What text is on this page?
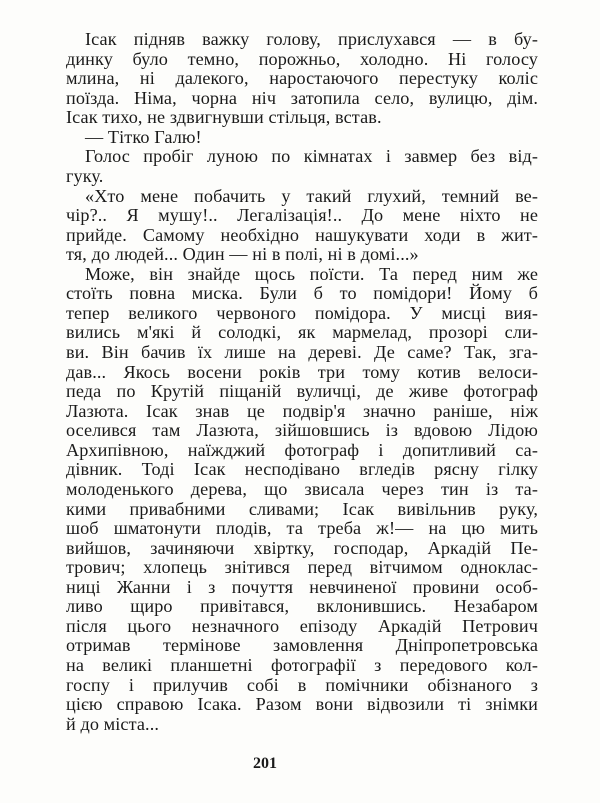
Ісак підняв важку голову, прислухався — в бу-
динку було темно, порожньо, холодно. Ні голосу
млина, ні далекого, наростаючого перестуку коліс
поїзда. Німа, чорна ніч затопила село, вулицю, дім.
Ісак тихо, не здвигнувши стільця, встав.
— Тітко Галю!
Голос пробіг луною по кімнатах і завмер без від-
гуку.
«Хто мене побачить у такий глухий, темний ве-
чір?.. Я мушу!.. Легалізація!.. До мене ніхто не
прийде. Самому необхідно нашукувати ходи в жит-
тя, до людей... Один — ні в полі, ні в домі...»
Може, він знайде щось поїсти. Та перед ним же
стоїть повна миска. Були б то помідори! Йому б
тепер великого червоного помідора. У мисці вия-
вились м'які й солодкі, як мармелад, прозорі сли-
ви. Він бачив їх лише на дереві. Де саме? Так, зга-
дав... Якось восени років три тому котив велоси-
педа по Крутій піщаній вуличці, де живе фотограф
Лазюта. Ісак знав це подвір'я значно раніше, ніж
оселився там Лазюта, зійшовшись із вдовою Лідою
Архипівною, наїжджий фотограф і допитливий са-
дівник. Тоді Ісак несподівано вгледів рясну гілку
молоденького дерева, що звисала через тин із та-
кими привабними сливами; Ісак вивільнив руку,
шоб шматонути плодів, та треба ж!— на цю мить
вийшов, зачиняючи хвіртку, господар, Аркадій Пе-
трович; хлопець знітився перед вітчимом одноклас-
ниці Жанни і з почуття невчиненої провини особ-
ливо щиро привітався, вклонившись. Незабаром
після цього незначного епізоду Аркадій Петрович
отримав термінове замовлення Дніпропетровська
на великі планшетні фотографії з передового кол-
госпу і прилучив собі в помічники обізнаного з
цією справою Ісака. Разом вони відвозили ті знімки
й до міста...
201
